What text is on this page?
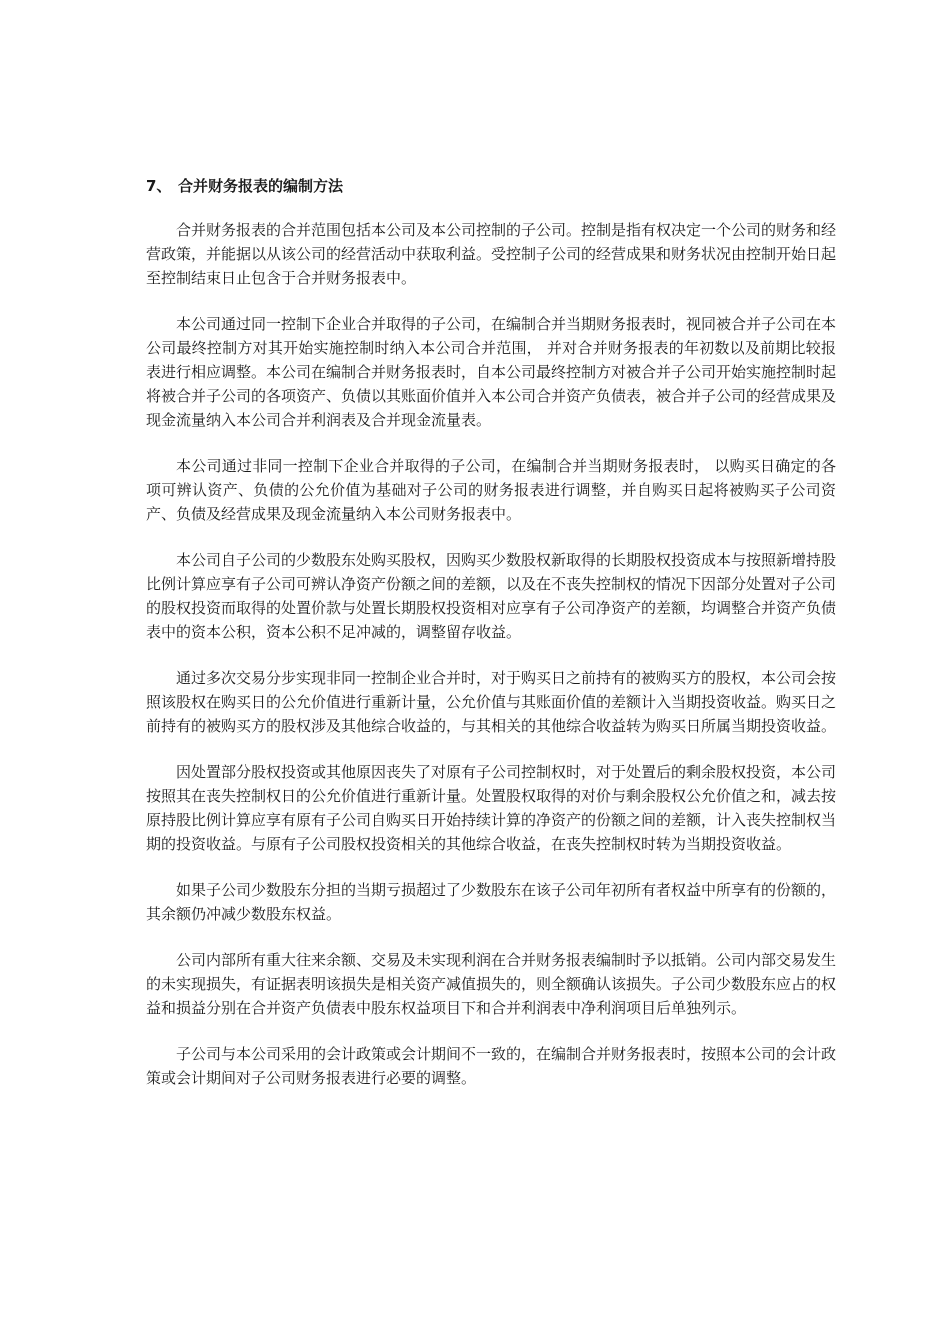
7、 合并财务报表的编制方法

合并财务报表的合并范围包括本公司及本公司控制的子公司。控制是指有权决定一个公司的财务和经营政策，并能据以从该公司的经营活动中获取利益。受控制子公司的经营成果和财务状况由控制开始日起至控制结束日止包含于合并财务报表中。

本公司通过同一控制下企业合并取得的子公司，在编制合并当期财务报表时，视同被合并子公司在本公司最终控制方对其开始实施控制时纳入本公司合并范围， 并对合并财务报表的年初数以及前期比较报表进行相应调整。本公司在编制合并财务报表时，自本公司最终控制方对被合并子公司开始实施控制时起将被合并子公司的各项资产、负债以其账面价值并入本公司合并资产负债表，被合并子公司的经营成果及现金流量纳入本公司合并利润表及合并现金流量表。

本公司通过非同一控制下企业合并取得的子公司，在编制合并当期财务报表时， 以购买日确定的各项可辨认资产、负债的公允价值为基础对子公司的财务报表进行调整，并自购买日起将被购买子公司资产、负债及经营成果及现金流量纳入本公司财务报表中。

本公司自子公司的少数股东处购买股权，因购买少数股权新取得的长期股权投资成本与按照新增持股比例计算应享有子公司可辨认净资产份额之间的差额，以及在不丧失控制权的情况下因部分处置对子公司的股权投资而取得的处置价款与处置长期股权投资相对应享有子公司净资产的差额，均调整合并资产负债表中的资本公积，资本公积不足冲减的，调整留存收益。

通过多次交易分步实现非同一控制企业合并时，对于购买日之前持有的被购买方的股权，本公司会按照该股权在购买日的公允价值进行重新计量，公允价值与其账面价值的差额计入当期投资收益。购买日之前持有的被购买方的股权涉及其他综合收益的，与其相关的其他综合收益转为购买日所属当期投资收益。

因处置部分股权投资或其他原因丧失了对原有子公司控制权时，对于处置后的剩余股权投资，本公司按照其在丧失控制权日的公允价值进行重新计量。处置股权取得的对价与剩余股权公允价值之和，减去按原持股比例计算应享有原有子公司自购买日开始持续计算的净资产的份额之间的差额，计入丧失控制权当期的投资收益。与原有子公司股权投资相关的其他综合收益，在丧失控制权时转为当期投资收益。

如果子公司少数股东分担的当期亏损超过了少数股东在该子公司年初所有者权益中所享有的份额的，其余额仍冲减少数股东权益。

公司内部所有重大往来余额、交易及未实现利润在合并财务报表编制时予以抵销。公司内部交易发生的未实现损失，有证据表明该损失是相关资产减值损失的，则全额确认该损失。子公司少数股东应占的权益和损益分别在合并资产负债表中股东权益项目下和合并利润表中净利润项目后单独列示。

子公司与本公司采用的会计政策或会计期间不一致的，在编制合并财务报表时，按照本公司的会计政策或会计期间对子公司财务报表进行必要的调整。
